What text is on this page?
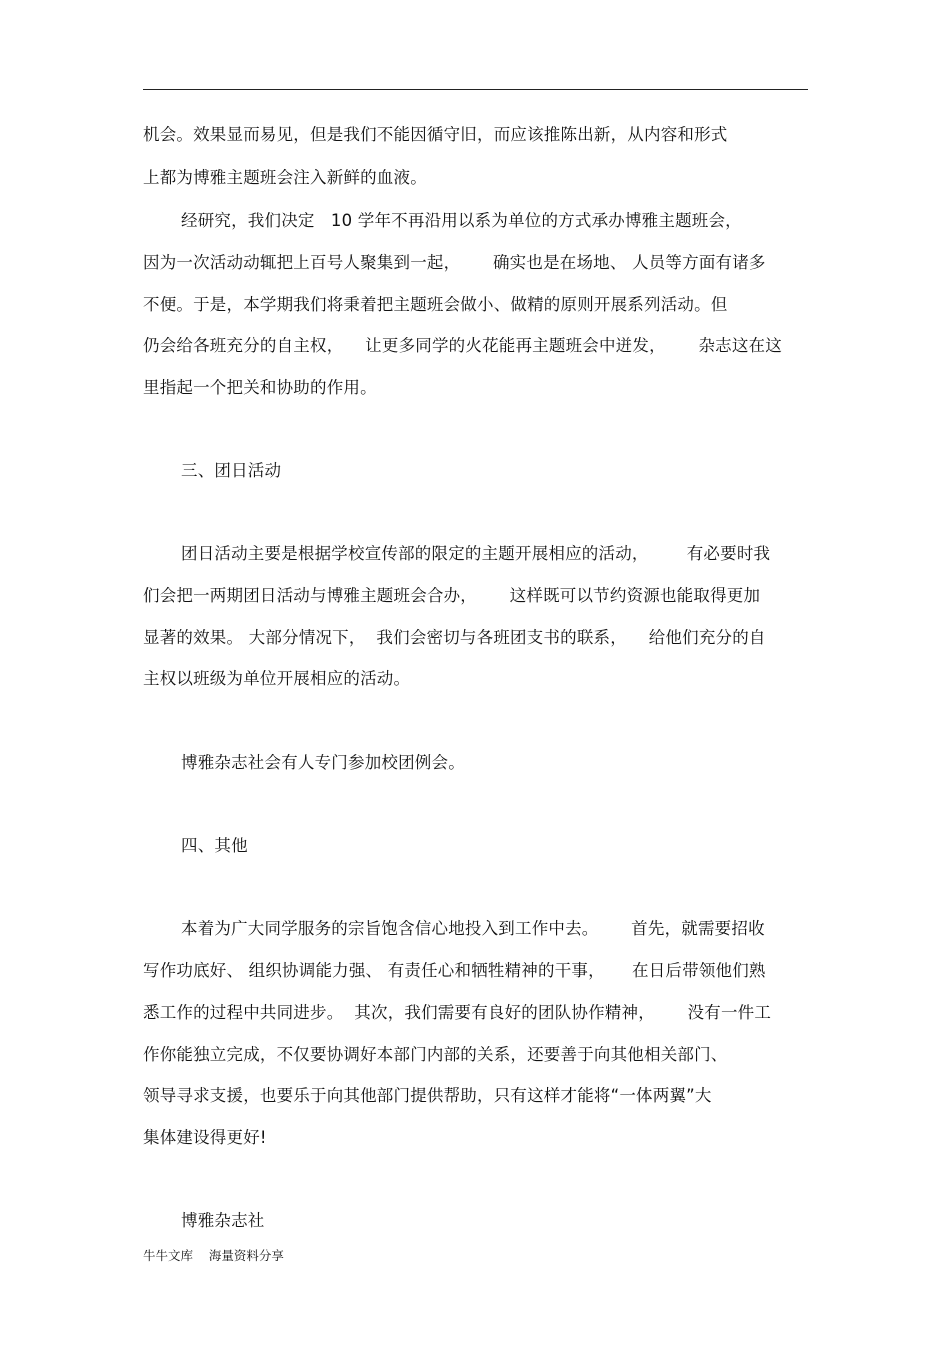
机会。效果显而易见，但是我们不能因循守旧，而应该推陈出新，从内容和形式
上都为博雅主题班会注入新鲜的血液。
经研究，我们决定   10 学年不再沿用以系为单位的方式承办博雅主题班会，
因为一次活动动辄把上百号人聚集到一起，      确实也是在场地、 人员等方面有诸多
不便。于是，本学期我们将秉着把主题班会做小、做精的原则开展系列活动。但
仍会给各班充分的自主权，    让更多同学的火花能再主题班会中迸发，      杂志这在这
里指起一个把关和协助的作用。
三、团日活动
团日活动主要是根据学校宣传部的限定的主题开展相应的活动，       有必要时我
们会把一两期团日活动与博雅主题班会合办，      这样既可以节约资源也能取得更加
显著的效果。 大部分情况下，  我们会密切与各班团支书的联系，    给他们充分的自
主权以班级为单位开展相应的活动。
博雅杂志社会有人专门参加校团例会。
四、其他
本着为广大同学服务的宗旨饱含信心地投入到工作中去。      首先，就需要招收
写作功底好、 组织协调能力强、 有责任心和牺牲精神的干事，     在日后带领他们熟
悉工作的过程中共同进步。  其次，我们需要有良好的团队协作精神，      没有一件工
作你能独立完成，不仅要协调好本部门内部的关系，还要善于向其他相关部门、
领导寻求支援，也要乐于向其他部门提供帮助，只有这样才能将“一体两翼”大
集体建设得更好!
博雅杂志社
牛牛文库    海量资料分享
